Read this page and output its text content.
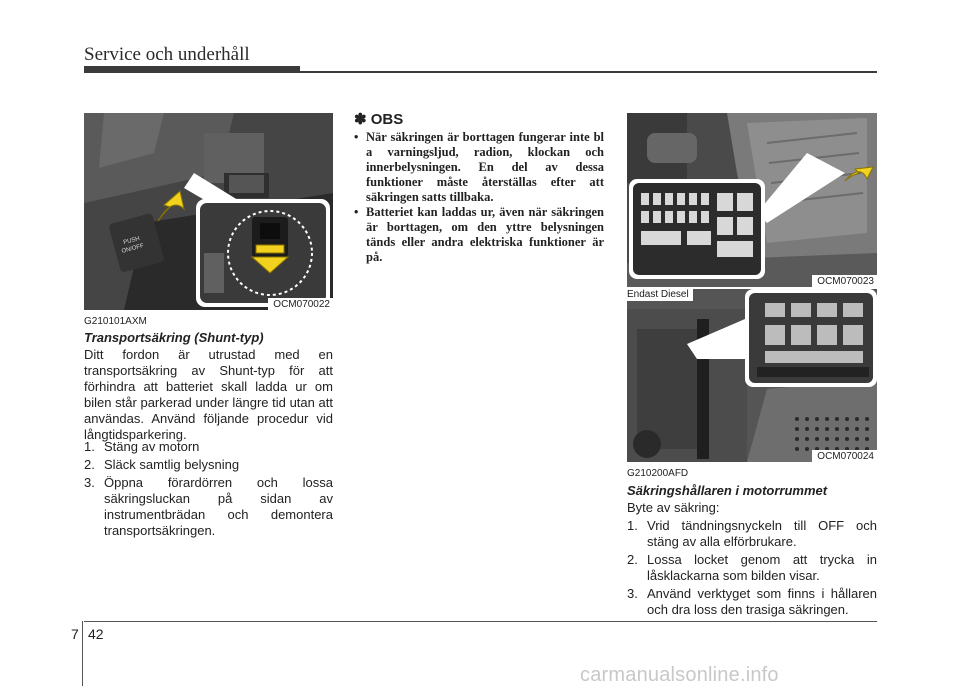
Service och underhåll
PUSH
ON/OFF
OCM070022
G210101AXM
Transportsäkring (Shunt-typ)
Ditt fordon är utrustad med en transportsäkring av Shunt-typ för att förhindra att batteriet skall ladda ur om bilen står parkerad under längre tid utan att användas. Använd följande procedur vid långtidsparkering.
1. Stäng av motorn
2. Släck samtlig belysning
3. Öppna förardörren och lossa säkringsluckan på sidan av instrumentbrädan och demontera transportsäkringen.
✽ OBS
• När säkringen är borttagen fungerar inte bl a varningsljud, radion, klockan och innerbelysningen. En del av dessa funktioner måste återställas efter att säkringen satts tillbaka.
• Batteriet kan laddas ur, även när säkringen är borttagen, om den yttre belysningen tänds eller andra elektriska funktioner är på.
OCM070023
Endast Diesel
OCM070024
G210200AFD
Säkringshållaren i motorrummet
Byte av säkring:
1. Vrid tändningsnyckeln till OFF och stäng av alla elförbrukare.
2. Lossa locket genom att trycka in låsklackarna som bilden visar.
3. Använd verktyget som finns i hållaren och dra loss den trasiga säkringen.
7 42
carmanualsonline.info
